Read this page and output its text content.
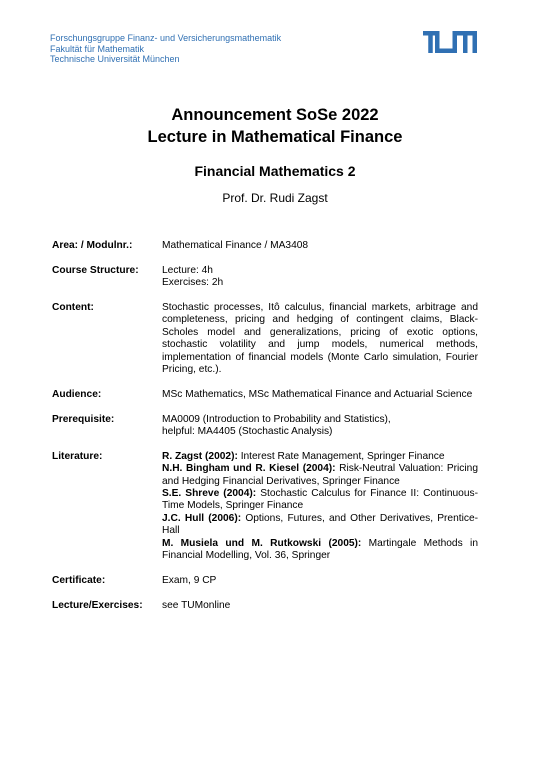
Forschungsgruppe Finanz- und Versicherungsmathematik
Fakultät für Mathematik
Technische Universität München
Announcement SoSe 2022
Lecture in Mathematical Finance
Financial Mathematics 2
Prof. Dr. Rudi Zagst
Area: / Modulnr.:	Mathematical Finance / MA3408
Course Structure:	Lecture: 4h
Exercises: 2h
Content:	Stochastic processes, Itô calculus, financial markets, arbitrage and completeness, pricing and hedging of contingent claims, Black-Scholes model and generalizations, pricing of exotic options, stochastic volatility and jump models, numerical methods, implementation of financial models (Monte Carlo simulation, Fourier Pricing, etc.).
Audience:	MSc Mathematics, MSc Mathematical Finance and Actuarial Science
Prerequisite:	MA0009 (Introduction to Probability and Statistics),
helpful: MA4405 (Stochastic Analysis)
Literature:	R. Zagst (2002): Interest Rate Management, Springer Finance
N.H. Bingham und R. Kiesel (2004): Risk-Neutral Valuation: Pricing and Hedging Financial Derivatives, Springer Finance
S.E. Shreve (2004): Stochastic Calculus for Finance II: Continuous-Time Models, Springer Finance
J.C. Hull (2006): Options, Futures, and Other Derivatives, Prentice-Hall
M. Musiela und M. Rutkowski (2005): Martingale Methods in Financial Modelling, Vol. 36, Springer
Certificate:	Exam, 9 CP
Lecture/Exercises:	see TUMonline
